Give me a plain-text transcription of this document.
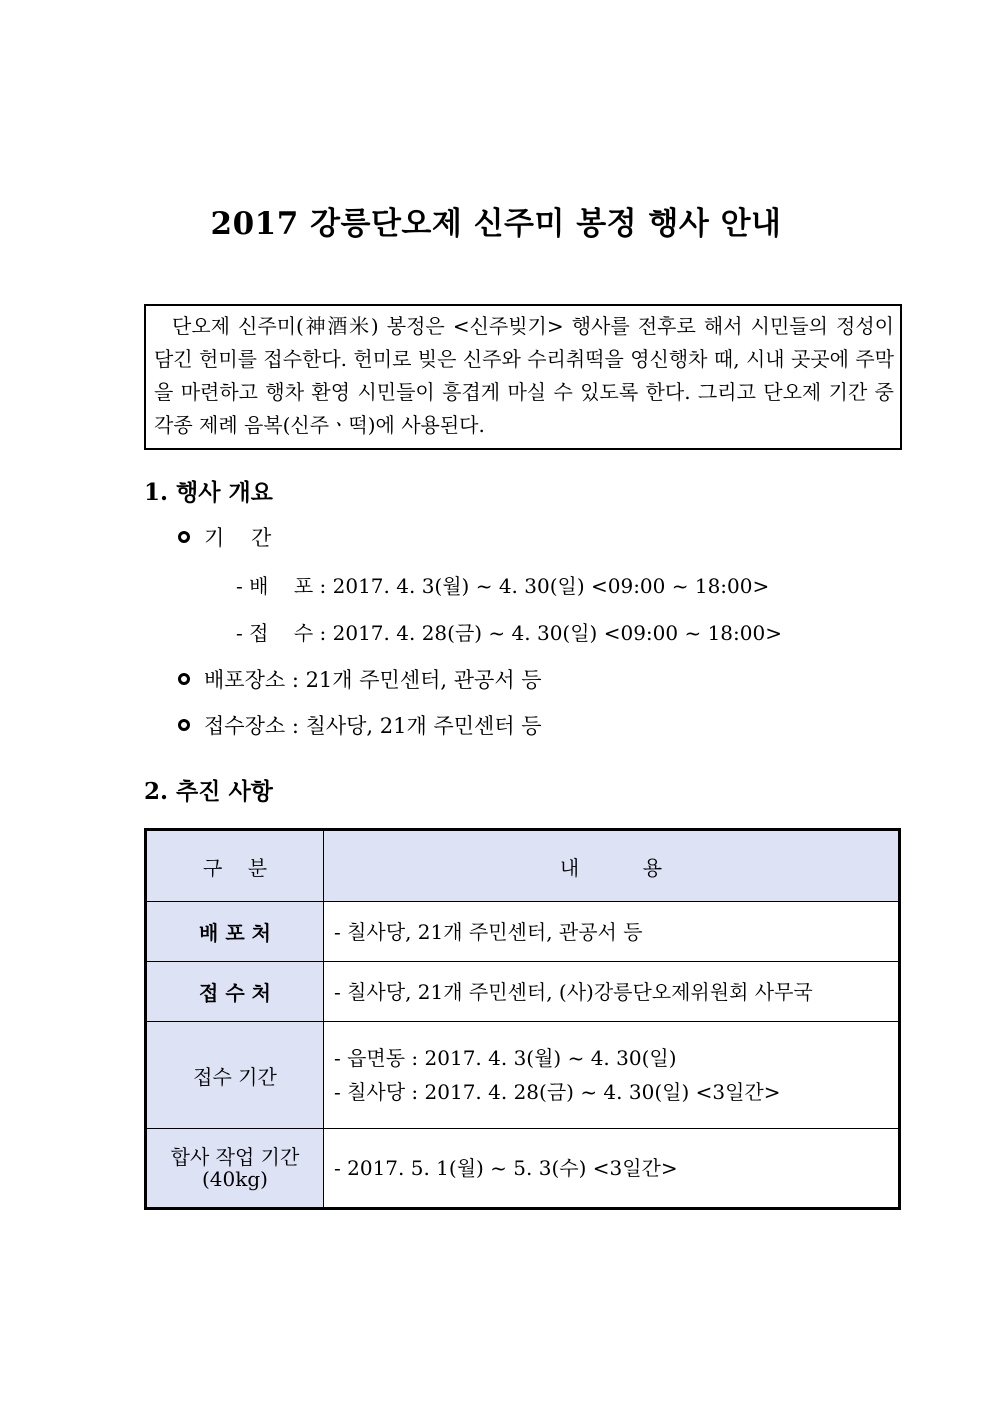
2017 강릉단오제 신주미 봉정 행사 안내

단오제 신주미(神酒米) 봉정은 <신주빚기> 행사를 전후로 해서 시민들의 정성이 담긴 헌미를 접수한다. 헌미로 빚은 신주와 수리취떡을 영신행차 때, 시내 곳곳에 주막을 마련하고 행차 환영 시민들이 흥겹게 마실 수 있도록 한다. 그리고 단오제 기간 중 각종 제례 음복(신주ㆍ떡)에 사용된다.

1. 행사 개요
기    간
- 배    포 : 2017. 4. 3(월) ~ 4. 30(일) <09:00 ~ 18:00>
- 접    수 : 2017. 4. 28(금) ~ 4. 30(일) <09:00 ~ 18:00>
배포장소 : 21개 주민센터, 관공서 등
접수장소 : 칠사당, 21개 주민센터 등
2. 추진 사항
구    분	내          용
배 포 처	- 칠사당, 21개 주민센터, 관공서 등
접 수 처	- 칠사당, 21개 주민센터, (사)강릉단오제위원회 사무국
접수 기간	- 읍면동 : 2017. 4. 3(월) ~ 4. 30(일)
- 칠사당 : 2017. 4. 28(금) ~ 4. 30(일) <3일간>

합사 작업 기간
(40kg)	- 2017. 5. 1(월) ~ 5. 3(수) <3일간>
